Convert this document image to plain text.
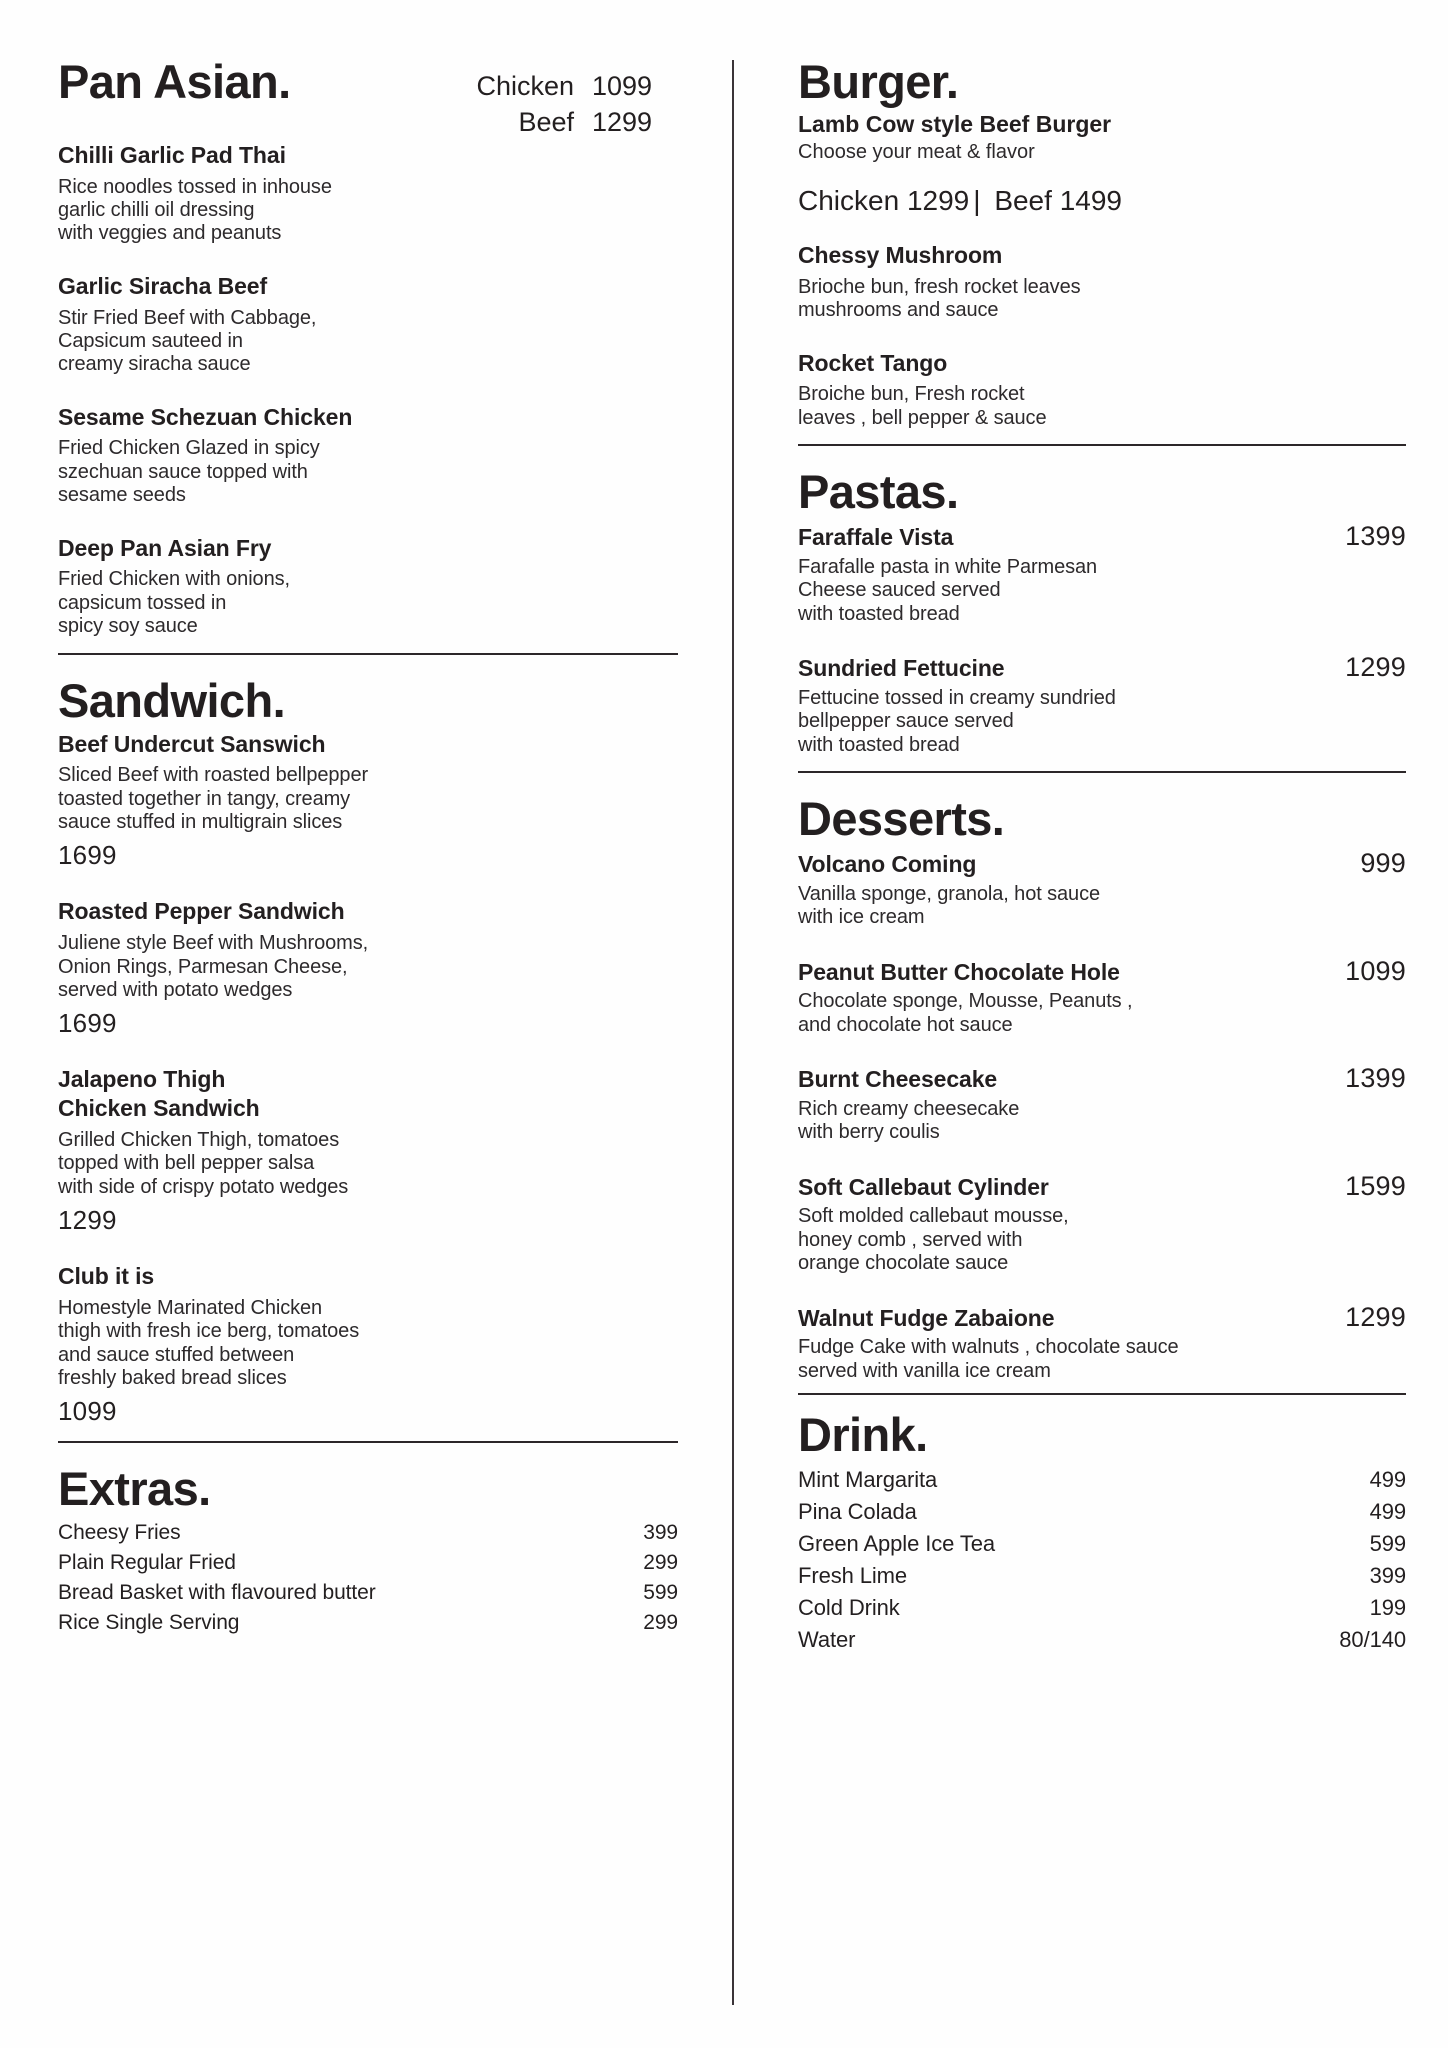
Pan Asian.	Chicken 1099
Beef 1299
Chilli Garlic Pad Thai
Rice noodles tossed in inhouse
garlic chilli oil dressing
with veggies and peanuts
Garlic Siracha Beef
Stir Fried Beef with Cabbage,
Capsicum sauteed in
creamy siracha sauce
Sesame Schezuan Chicken
Fried Chicken Glazed in spicy
szechuan sauce topped with
sesame seeds
Deep Pan Asian Fry
Fried Chicken with onions,
capsicum tossed in
spicy soy sauce
Sandwich.
Beef Undercut Sanswich
Sliced Beef with roasted bellpepper
toasted together in tangy, creamy
sauce stuffed in multigrain slices
1699
Roasted Pepper Sandwich
Juliene style Beef with Mushrooms,
Onion Rings, Parmesan Cheese,
served with potato wedges
1699
Jalapeno Thigh
Chicken Sandwich
Grilled Chicken Thigh, tomatoes
topped with bell pepper salsa
with side of crispy potato wedges
1299
Club it is
Homestyle Marinated Chicken
thigh with fresh ice berg, tomatoes
and sauce stuffed between
freshly baked bread slices
1099
Extras.
Cheesy Fries	399
Plain Regular Fried	299
Bread Basket with flavoured butter	599
Rice Single Serving	299
Burger.
Lamb Cow style Beef Burger
Choose your meat & flavor
Chicken 1299 | Beef 1499
Chessy Mushroom
Brioche bun, fresh rocket leaves
mushrooms and sauce
Rocket Tango
Broiche bun, Fresh rocket
leaves , bell pepper & sauce
Pastas.
Faraffale Vista	1399
Farafalle pasta in white Parmesan
Cheese sauced served
with toasted bread
Sundried Fettucine	1299
Fettucine tossed in creamy sundried
bellpepper sauce served
with toasted bread
Desserts.
Volcano Coming	999
Vanilla sponge, granola, hot sauce
with ice cream
Peanut Butter Chocolate Hole	1099
Chocolate sponge, Mousse, Peanuts ,
and chocolate hot sauce
Burnt Cheesecake	1399
Rich creamy cheesecake
with berry coulis
Soft Callebaut Cylinder	1599
Soft molded callebaut mousse,
honey comb , served with
orange chocolate sauce
Walnut Fudge Zabaione	1299
Fudge Cake with walnuts , chocolate sauce
served with vanilla ice cream
Drink.
Mint Margarita	499
Pina Colada	499
Green Apple Ice Tea	599
Fresh Lime	399
Cold Drink	199
Water	80/140
